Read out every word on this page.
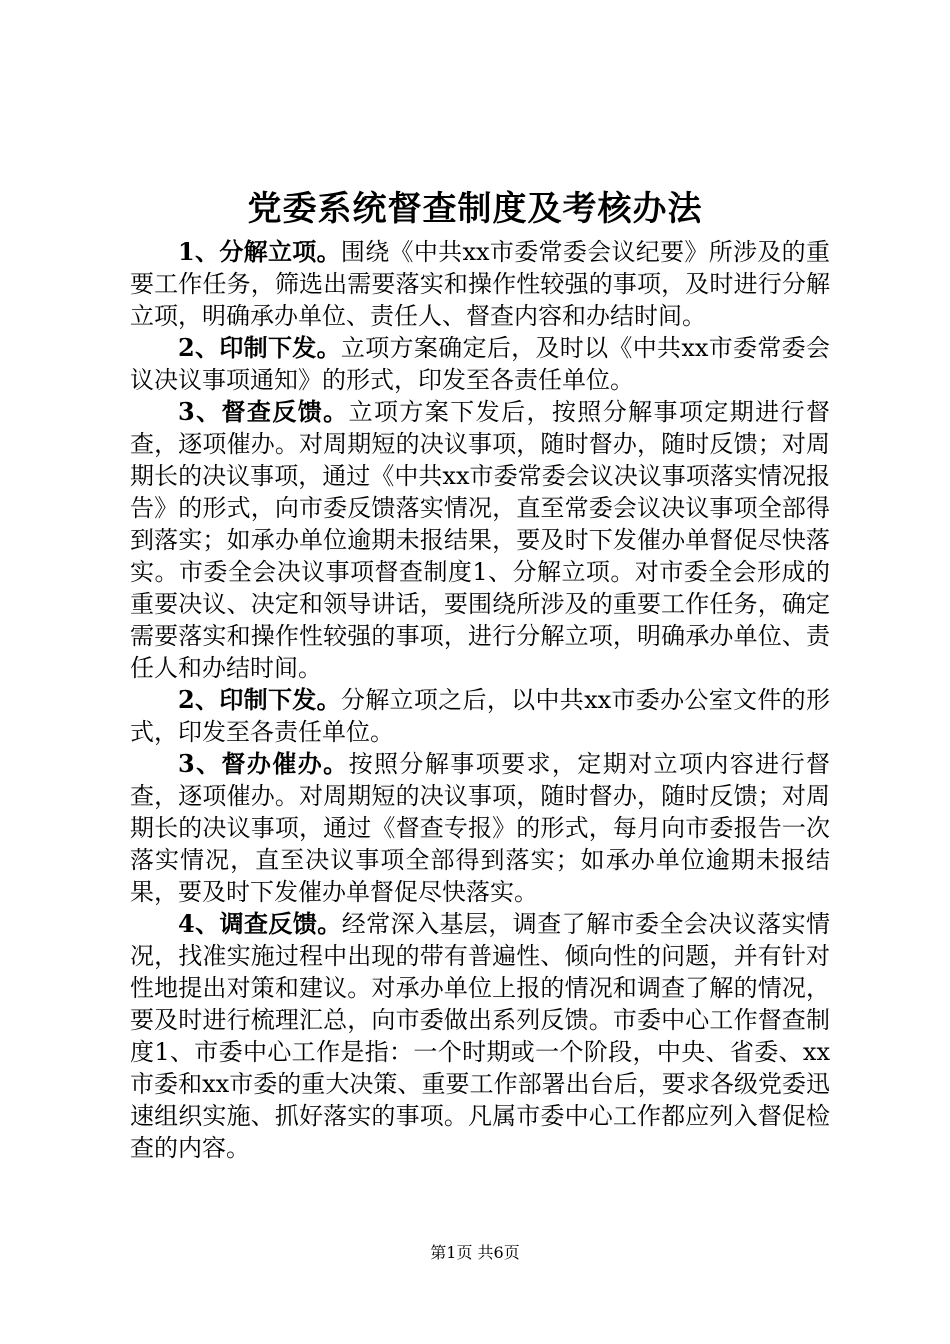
党委系统督查制度及考核办法

1、分解立项。围绕《中共xx市委常委会议纪要》所涉及的重要工作任务，筛选出需要落实和操作性较强的事项，及时进行分解立项，明确承办单位、责任人、督查内容和办结时间。

2、印制下发。立项方案确定后，及时以《中共xx市委常委会议决议事项通知》的形式，印发至各责任单位。

3、督查反馈。立项方案下发后，按照分解事项定期进行督查，逐项催办。对周期短的决议事项，随时督办，随时反馈；对周期长的决议事项，通过《中共xx市委常委会议决议事项落实情况报告》的形式，向市委反馈落实情况，直至常委会议决议事项全部得到落实；如承办单位逾期未报结果，要及时下发催办单督促尽快落实。市委全会决议事项督查制度1、分解立项。对市委全会形成的重要决议、决定和领导讲话，要围绕所涉及的重要工作任务，确定需要落实和操作性较强的事项，进行分解立项，明确承办单位、责任人和办结时间。

2、印制下发。分解立项之后，以中共xx市委办公室文件的形式，印发至各责任单位。

3、督办催办。按照分解事项要求，定期对立项内容进行督查，逐项催办。对周期短的决议事项，随时督办，随时反馈；对周期长的决议事项，通过《督查专报》的形式，每月向市委报告一次落实情况，直至决议事项全部得到落实；如承办单位逾期未报结果，要及时下发催办单督促尽快落实。

4、调查反馈。经常深入基层，调查了解市委全会决议落实情况，找准实施过程中出现的带有普遍性、倾向性的问题，并有针对性地提出对策和建议。对承办单位上报的情况和调查了解的情况，要及时进行梳理汇总，向市委做出系列反馈。市委中心工作督查制度1、市委中心工作是指：一个时期或一个阶段，中央、省委、xx市委和xx市委的重大决策、重要工作部署出台后，要求各级党委迅速组织实施、抓好落实的事项。凡属市委中心工作都应列入督促检查的内容。

第1页 共6页
